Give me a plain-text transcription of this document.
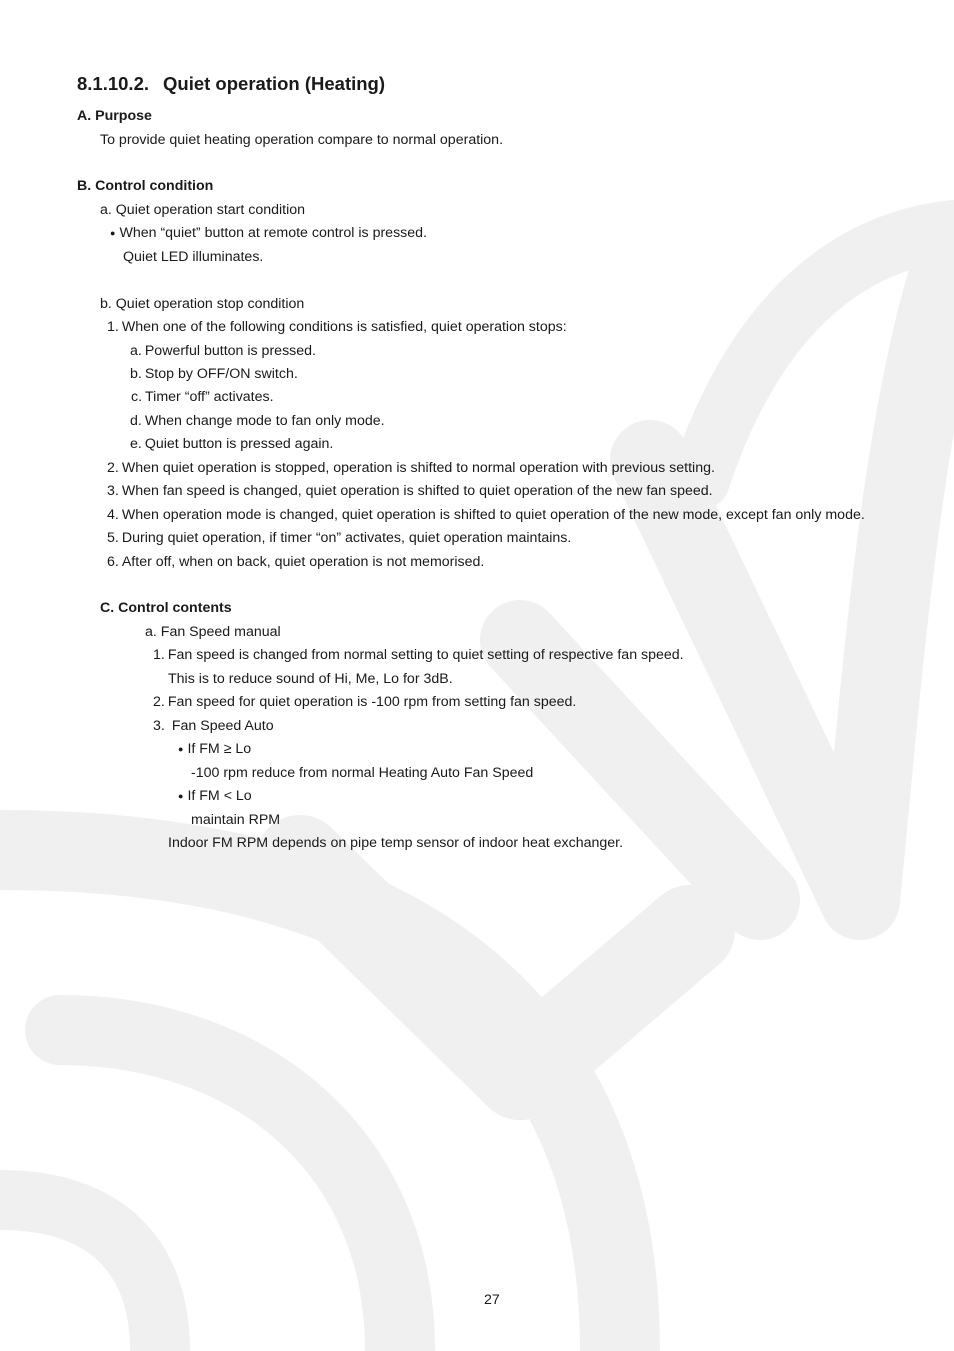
8.1.10.2. Quiet operation (Heating)
A. Purpose
To provide quiet heating operation compare to normal operation.
B. Control condition
a. Quiet operation start condition
● When “quiet” button at remote control is pressed.
Quiet LED illuminates.
b. Quiet operation stop condition
1. When one of the following conditions is satisfied, quiet operation stops:
a. Powerful button is pressed.
b. Stop by OFF/ON switch.
c. Timer “off” activates.
d. When change mode to fan only mode.
e. Quiet button is pressed again.
2. When quiet operation is stopped, operation is shifted to normal operation with previous setting.
3. When fan speed is changed, quiet operation is shifted to quiet operation of the new fan speed.
4. When operation mode is changed, quiet operation is shifted to quiet operation of the new mode, except fan only mode.
5. During quiet operation, if timer “on” activates, quiet operation maintains.
6. After off, when on back, quiet operation is not memorised.
C. Control contents
a. Fan Speed manual
1. Fan speed is changed from normal setting to quiet setting of respective fan speed.
This is to reduce sound of Hi, Me, Lo for 3dB.
2. Fan speed for quiet operation is -100 rpm from setting fan speed.
3. Fan Speed Auto
● If FM ≥ Lo
-100 rpm reduce from normal Heating Auto Fan Speed
● If FM < Lo
maintain RPM
Indoor FM RPM depends on pipe temp sensor of indoor heat exchanger.
27
